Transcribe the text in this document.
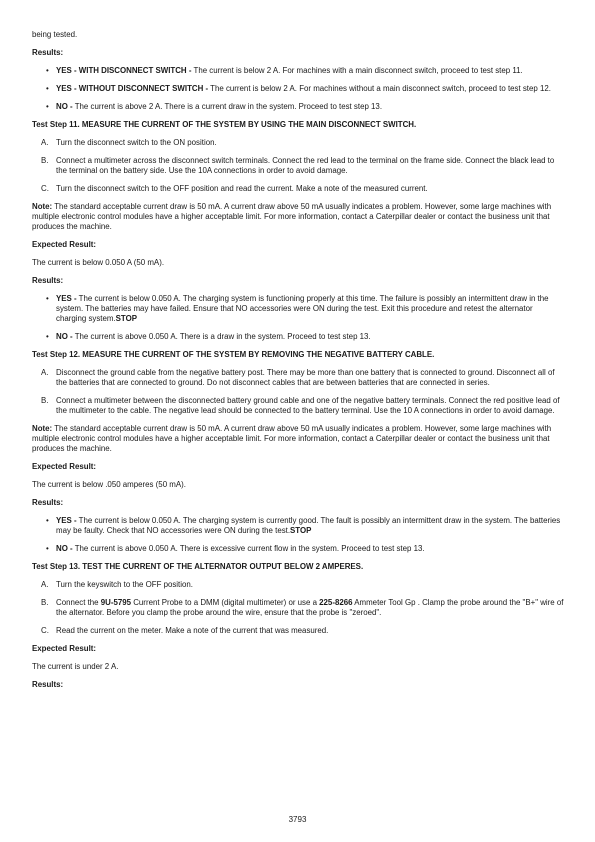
being tested.

Results:

• YES - WITH DISCONNECT SWITCH - The current is below 2 A. For machines with a main disconnect switch, proceed to test step 11.
• YES - WITHOUT DISCONNECT SWITCH - The current is below 2 A. For machines without a main disconnect switch, proceed to test step 12.
• NO - The current is above 2 A. There is a current draw in the system. Proceed to test step 13.

Test Step 11. MEASURE THE CURRENT OF THE SYSTEM BY USING THE MAIN DISCONNECT SWITCH.

A. Turn the disconnect switch to the ON position.
B. Connect a multimeter across the disconnect switch terminals. Connect the red lead to the terminal on the frame side. Connect the black lead to the terminal on the battery side. Use the 10A connections in order to avoid damage.
C. Turn the disconnect switch to the OFF position and read the current. Make a note of the measured current.

Note: The standard acceptable current draw is 50 mA. A current draw above 50 mA usually indicates a problem. However, some large machines with multiple electronic control modules have a higher acceptable limit. For more information, contact a Caterpillar dealer or contact the business unit that produces the machine.

Expected Result:

The current is below 0.050 A (50 mA).

Results:

• YES - The current is below 0.050 A. The charging system is functioning properly at this time. The failure is possibly an intermittent draw in the system. The batteries may have failed. Ensure that NO accessories were ON during the test. Exit this procedure and retest the alternator charging system.STOP
• NO - The current is above 0.050 A. There is a draw in the system. Proceed to test step 13.

Test Step 12. MEASURE THE CURRENT OF THE SYSTEM BY REMOVING THE NEGATIVE BATTERY CABLE.

A. Disconnect the ground cable from the negative battery post. There may be more than one battery that is connected to ground. Disconnect all of the batteries that are connected to ground. Do not disconnect cables that are between batteries that are connected in series.
B. Connect a multimeter between the disconnected battery ground cable and one of the negative battery terminals. Connect the red positive lead of the multimeter to the cable. The negative lead should be connected to the battery terminal. Use the 10 A connections in order to avoid damage.

Note: The standard acceptable current draw is 50 mA. A current draw above 50 mA usually indicates a problem. However, some large machines with multiple electronic control modules have a higher acceptable limit. For more information, contact a Caterpillar dealer or contact the business unit that produces the machine.

Expected Result:

The current is below .050 amperes (50 mA).

Results:

• YES - The current is below 0.050 A. The charging system is currently good. The fault is possibly an intermittent draw in the system. The batteries may be faulty. Check that NO accessories were ON during the test.STOP
• NO - The current is above 0.050 A. There is excessive current flow in the system. Proceed to test step 13.

Test Step 13. TEST THE CURRENT OF THE ALTERNATOR OUTPUT BELOW 2 AMPERES.

A. Turn the keyswitch to the OFF position.
B. Connect the 9U-5795 Current Probe to a DMM (digital multimeter) or use a 225-8266 Ammeter Tool Gp . Clamp the probe around the "B+" wire of the alternator. Before you clamp the probe around the wire, ensure that the probe is "zeroed".
C. Read the current on the meter. Make a note of the current that was measured.

Expected Result:

The current is under 2 A.

Results:

3793
